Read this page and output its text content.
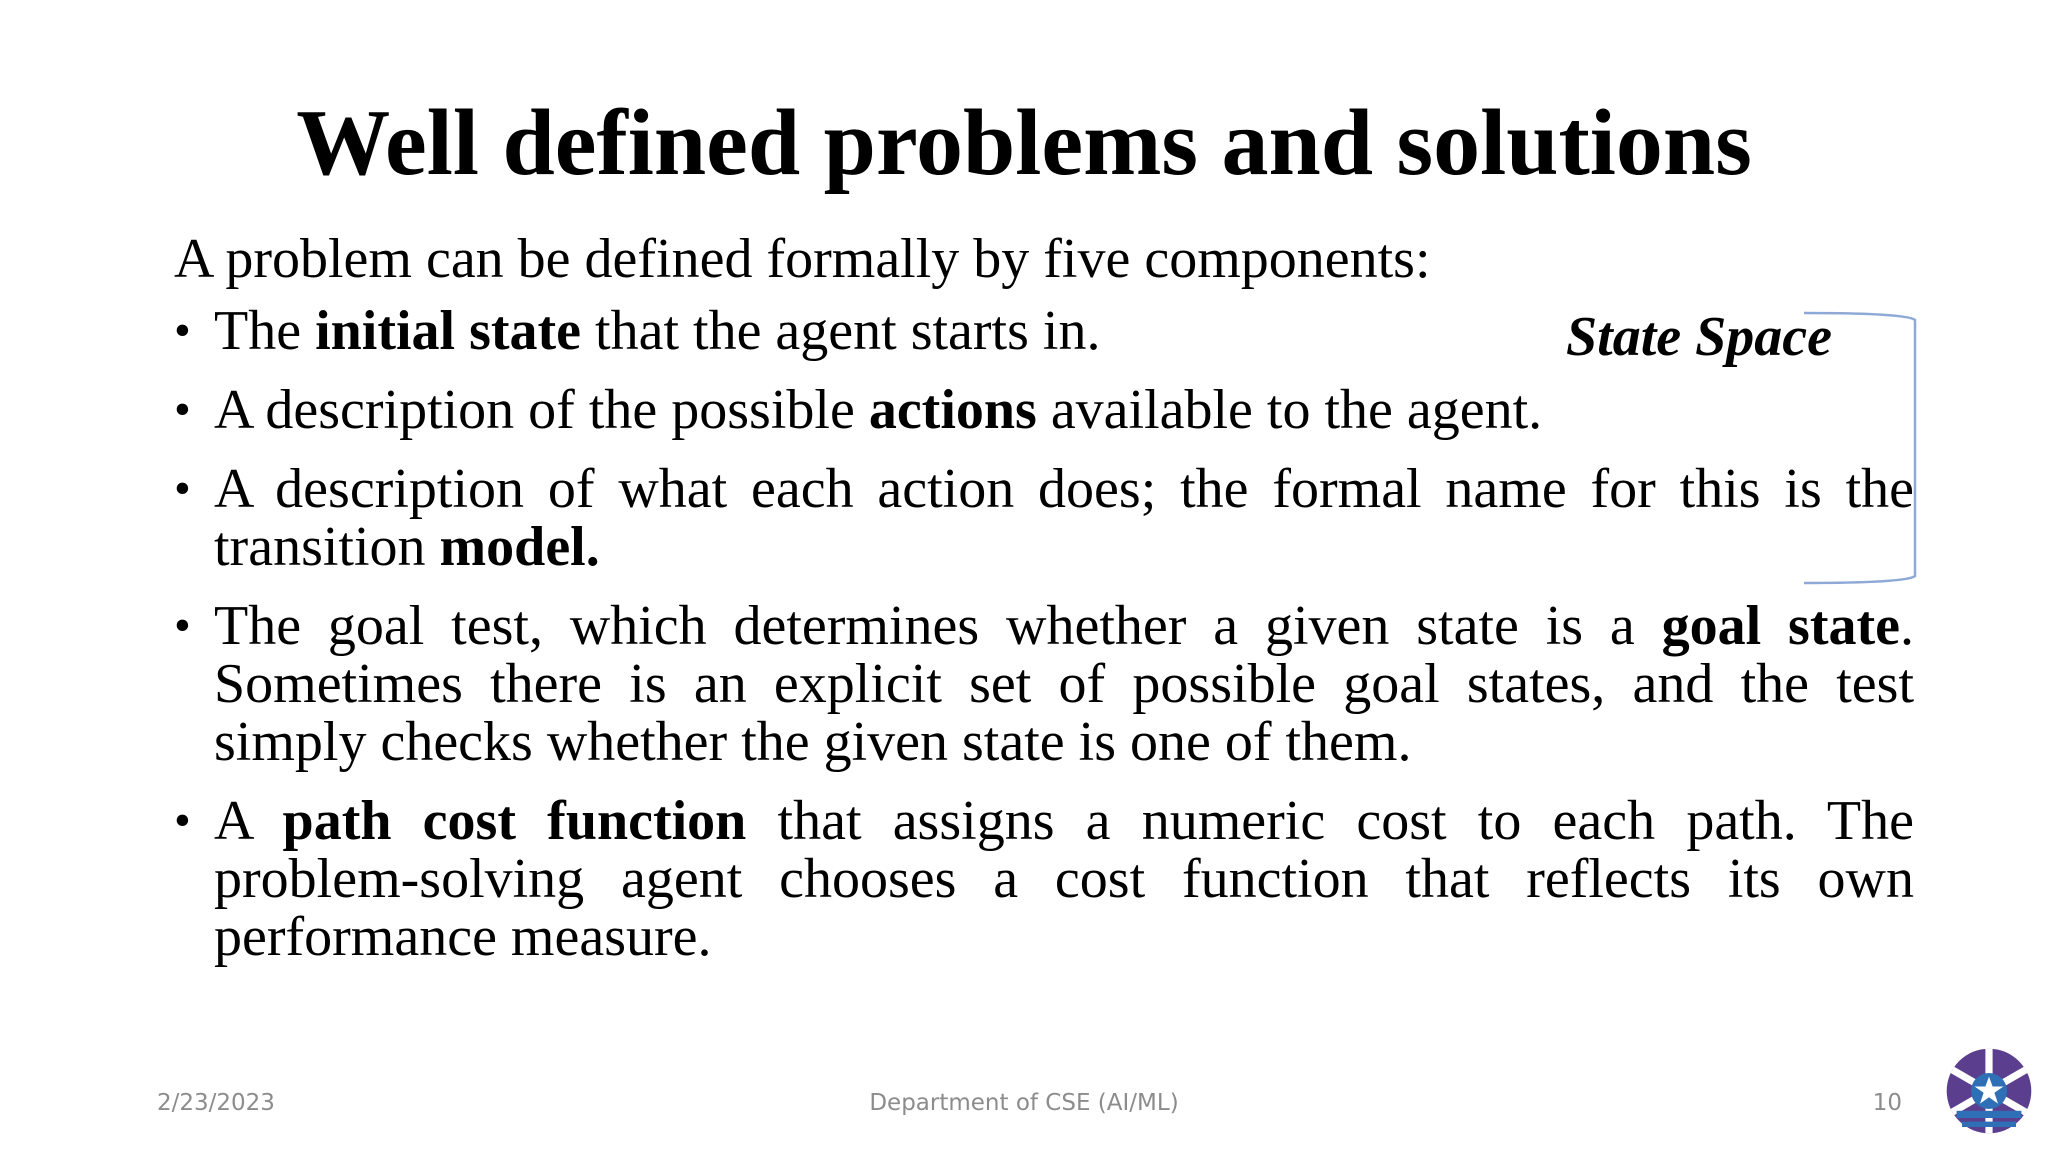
Well defined problems and solutions

A problem can be defined formally by five components:

• The initial state that the agent starts in.
• A description of the possible actions available to the agent.
• A description of what each action does; the formal name for this is the transition model.
• The goal test, which determines whether a given state is a goal state. Sometimes there is an explicit set of possible goal states, and the test simply checks whether the given state is one of them.
• A path cost function that assigns a numeric cost to each path. The problem-solving agent chooses a cost function that reflects its own performance measure.
State Space
2/23/2023	Department of CSE (AI/ML)	10
